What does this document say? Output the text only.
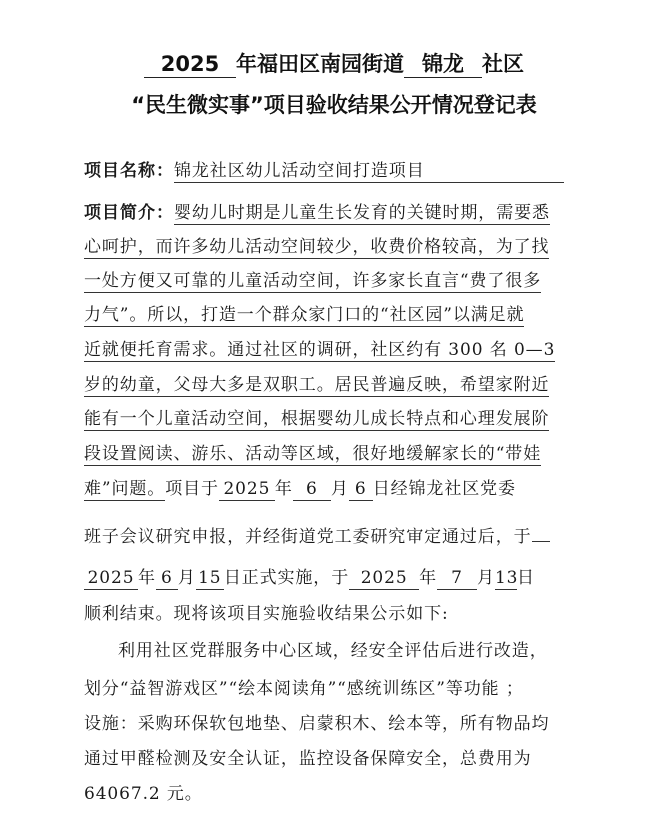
2025 年福田区南园街道 锦龙 社区
“民生微实事”项目验收结果公开情况登记表
项目名称：锦龙社区幼儿活动空间打造项目
项目简介：婴幼儿时期是儿童生长发育的关键时期，需要悉
心呵护，而许多幼儿活动空间较少，收费价格较高，为了找
一处方便又可靠的儿童活动空间，许多家长直言“费了很多
力气”。所以，打造一个群众家门口的“社区园”以满足就
近就便托育需求。通过社区的调研，社区约有 300 名 0—3
岁的幼童，父母大多是双职工。居民普遍反映，希望家附近
能有一个儿童活动空间，根据婴幼儿成长特点和心理发展阶
段设置阅读、游乐、活动等区域，很好地缓解家长的“带娃
难”问题。项目于 2025 年 6 月 6 日经锦龙社区党委
班子会议研究申报，并经街道党工委研究审定通过后，于
2025 年 6 月 15 日正式实施，于 2025 年 7 月13日
顺利结束。现将该项目实施验收结果公示如下:
利用社区党群服务中心区域，经安全评估后进行改造，
划分“益智游戏区”“绘本阅读角”“感统训练区”等功能 ；
设施：采购环保软包地垫、启蒙积木、绘本等，所有物品均
通过甲醛检测及安全认证，监控设备保障安全，总费用为
64067.2 元。
